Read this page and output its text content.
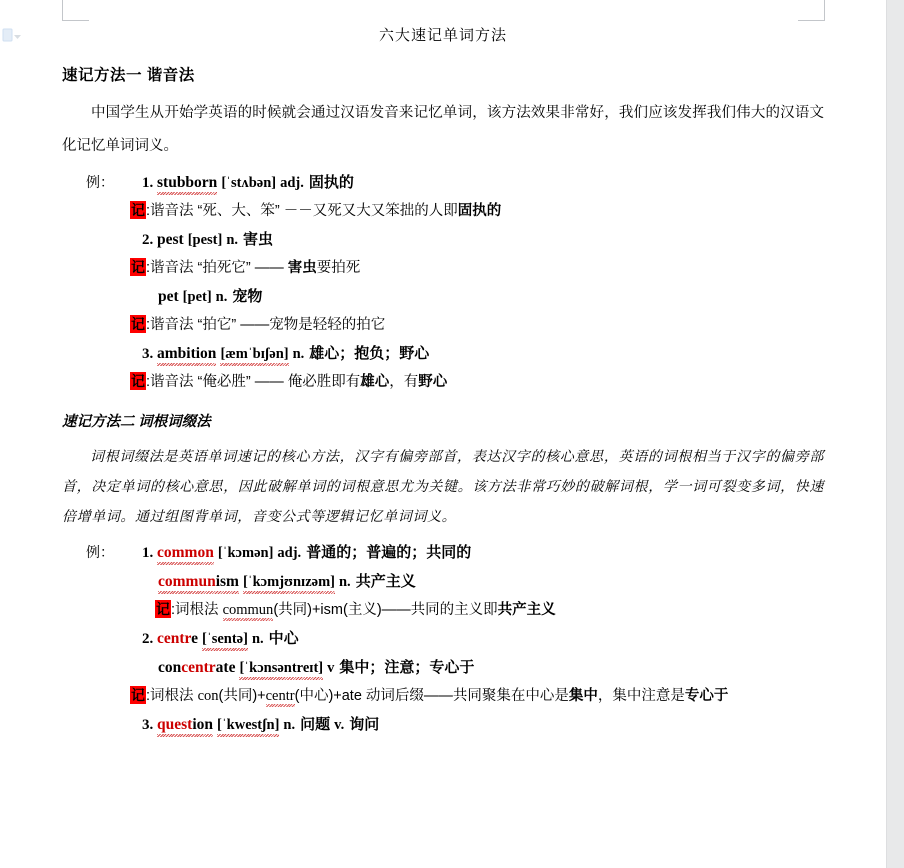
六大速记单词方法
速记方法一 谐音法
中国学生从开始学英语的时候就会通过汉语发音来记忆单词，该方法效果非常好，我们应该发挥我们伟大的汉语文化记忆单词词义。
例： 1. stubborn [ˈstʌbən] adj. 固执的
记:谐音法 “死、大、笨” －－又死又大又笨拙的人即固执的
2. pest [pest] n. 害虫
记:谐音法 “拍死它” —— 害虫要拍死
pet [pet] n. 宠物
记:谐音法 “拍它” ——宠物是轻轻的拍它
3. ambition [æmˈbɪʃən] n. 雄心；抱负；野心
记:谐音法 “俺必胜” —— 俺必胜即有雄心，有野心
速记方法二 词根词缀法
词根词缀法是英语单词速记的核心方法，汉字有偏旁部首，表达汉字的核心意思，英语的词根相当于汉字的偏旁部首，决定单词的核心意思，因此破解单词的词根意思尤为关键。该方法非常巧妙的破解词根，学一词可裂变多词，快速倍增单词。通过组图背单词，音变公式等逻辑记忆单词词义。
例： 1. common [ˈkɔmən] adj. 普通的；普遍的；共同的
communism [ˈkɔmjʊnɪzəm] n. 共产主义
记:词根法 commun(共同)+ism(主义)——共同的主义即共产主义
2. centre [ˈsentə] n. 中心
concentrate [ˈkɔnsəntreɪt] v 集中；注意；专心于
记:词根法 con(共同)+centr(中心)+ate 动词后缀——共同聚集在中心是集中，集中注意是专心于
3. question [ˈkwestʃn] n. 问题 v. 询问
